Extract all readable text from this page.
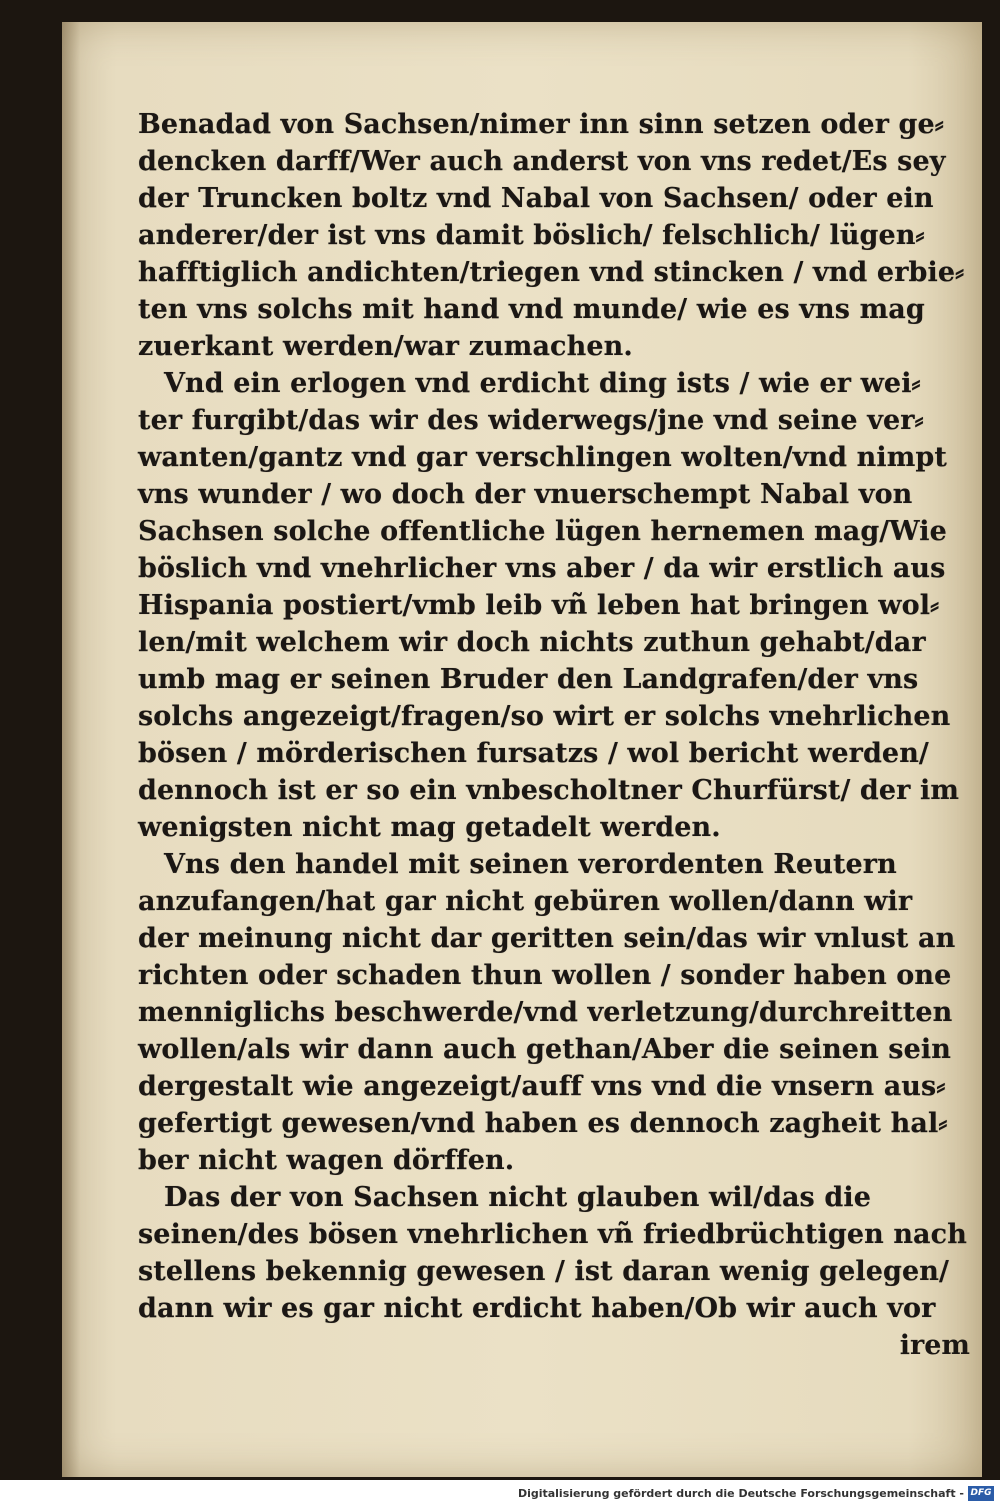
Benadad von Sachsen/nimer inn sinn setzen oder ge⸗
dencken darff/Wer auch anderst von vns redet/Es sey
der Truncken boltz vnd Nabal von Sachsen/ oder ein
anderer/der ist vns damit böslich/ felschlich/ lügen⸗
hafftiglich andichten/triegen vnd stincken / vnd erbie⸗
ten vns solchs mit hand vnd munde/ wie es vns mag
zuerkant werden/war zumachen.
Vnd ein erlogen vnd erdicht ding ists / wie er wei⸗
ter furgibt/das wir des widerwegs/jne vnd seine ver⸗
wanten/gantz vnd gar verschlingen wolten/vnd nimpt
vns wunder / wo doch der vnuerschempt Nabal von
Sachsen solche offentliche lügen hernemen mag/Wie
böslich vnd vnehrlicher vns aber / da wir erstlich aus
Hispania postiert/vmb leib vñ leben hat bringen wol⸗
len/mit welchem wir doch nichts zuthun gehabt/dar
umb mag er seinen Bruder den Landgrafen/der vns
solchs angezeigt/fragen/so wirt er solchs vnehrlichen
bösen / mörderischen fursatzs / wol bericht werden/
dennoch ist er so ein vnbescholtner Churfürst/ der im
wenigsten nicht mag getadelt werden.
Vns den handel mit seinen verordenten Reutern
anzufangen/hat gar nicht gebüren wollen/dann wir
der meinung nicht dar geritten sein/das wir vnlust an
richten oder schaden thun wollen / sonder haben one
menniglichs beschwerde/vnd verletzung/durchreitten
wollen/als wir dann auch gethan/Aber die seinen sein
dergestalt wie angezeigt/auff vns vnd die vnsern aus⸗
gefertigt gewesen/vnd haben es dennoch zagheit hal⸗
ber nicht wagen dörffen.
Das der von Sachsen nicht glauben wil/das die
seinen/des bösen vnehrlichen vñ friedbrüchtigen nach
stellens bekennig gewesen / ist daran wenig gelegen/
dann wir es gar nicht erdicht haben/Ob wir auch vor
irem
Digitalisierung gefördert durch die Deutsche Forschungsgemeinschaft - DFG
